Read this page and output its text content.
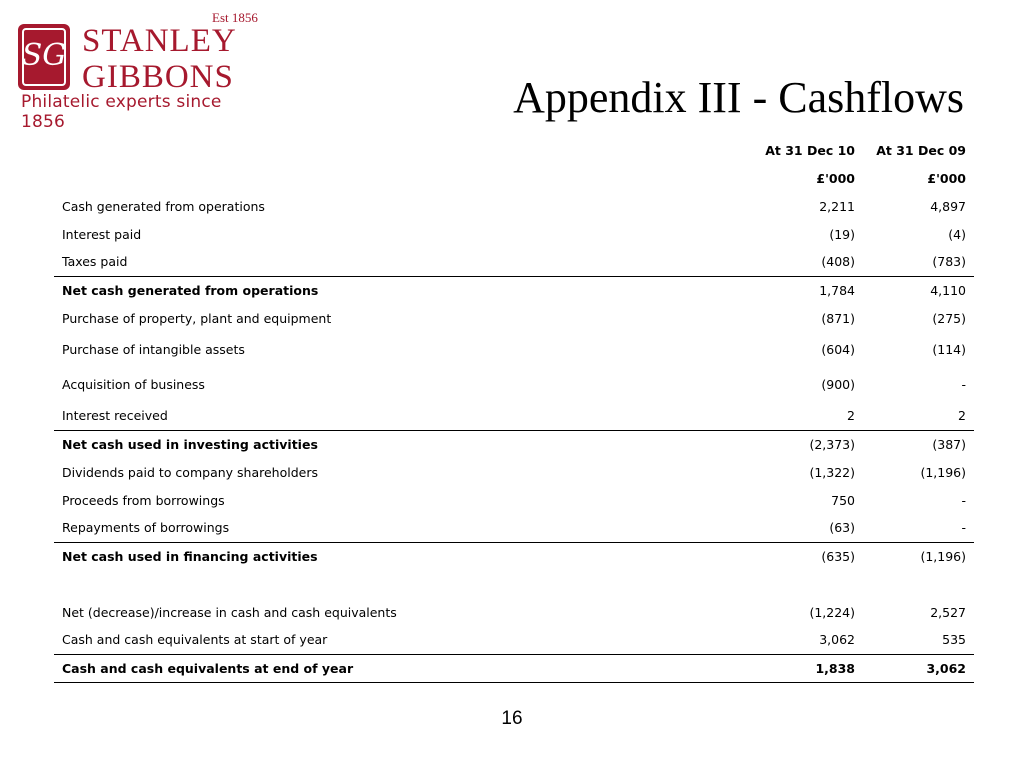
SG
Est 1856
STANLEY
GIBBONS
Philatelic experts since 1856	Appendix III - Cashflows
	At 31 Dec 10	At 31 Dec 09
	£'000	£'000
Cash generated from operations	2,211	4,897
Interest paid	(19)	(4)
Taxes paid	(408)	(783)
Net cash generated from operations	1,784	4,110
Purchase of property, plant and equipment	(871)	(275)
Purchase of intangible assets	(604)	(114)
Acquisition of business	(900)	-
Interest received	2	2
Net cash used in investing activities	(2,373)	(387)
Dividends paid to company shareholders	(1,322)	(1,196)
Proceeds from borrowings	750	-
Repayments of borrowings	(63)	-
Net cash used in financing activities	(635)	(1,196)

Net (decrease)/increase in cash and cash equivalents	(1,224)	2,527
Cash and cash equivalents at start of year	3,062	535
Cash and cash equivalents at end of year	1,838	3,062
16
